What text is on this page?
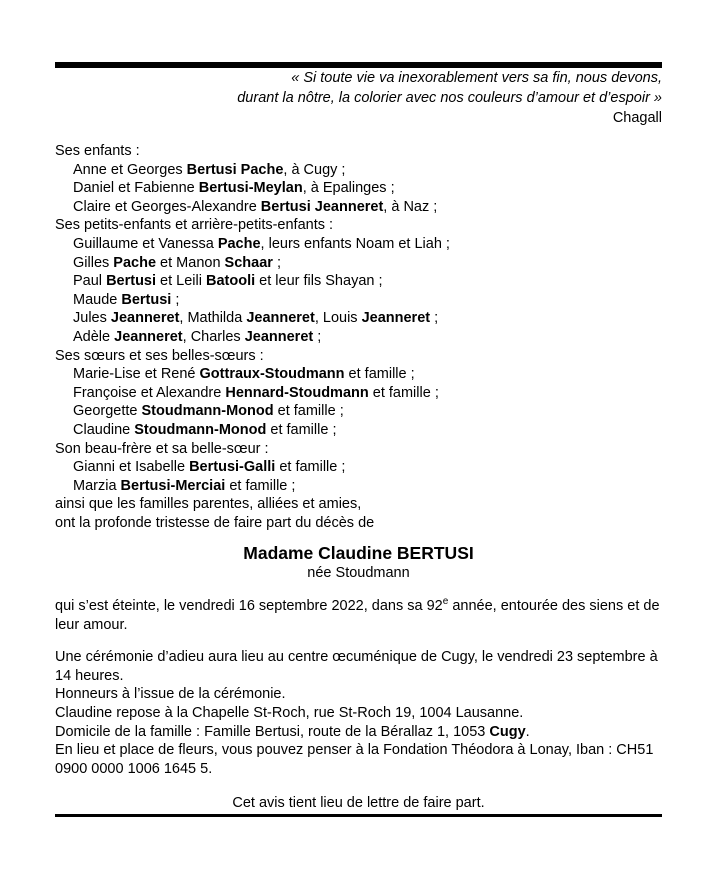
« Si toute vie va inexorablement vers sa fin, nous devons,
durant la nôtre, la colorier avec nos couleurs d’amour et d’espoir »
Chagall
Ses enfants :
Anne et Georges Bertusi Pache, à Cugy ;
Daniel et Fabienne Bertusi-Meylan, à Epalinges ;
Claire et Georges-Alexandre Bertusi Jeanneret, à Naz ;
Ses petits-enfants et arrière-petits-enfants :
Guillaume et Vanessa Pache, leurs enfants Noam et Liah ;
Gilles Pache et Manon Schaar ;
Paul Bertusi et Leili Batooli et leur fils Shayan ;
Maude Bertusi ;
Jules Jeanneret, Mathilda Jeanneret, Louis Jeanneret ;
Adèle Jeanneret, Charles Jeanneret ;
Ses sœurs et ses belles-sœurs :
Marie-Lise et René Gottraux-Stoudmann et famille ;
Françoise et Alexandre Hennard-Stoudmann et famille ;
Georgette Stoudmann-Monod et famille ;
Claudine Stoudmann-Monod et famille ;
Son beau-frère et sa belle-sœur :
Gianni et Isabelle Bertusi-Galli et famille ;
Marzia Bertusi-Merciai et famille ;
ainsi que les familles parentes, alliées et amies,
ont la profonde tristesse de faire part du décès de
Madame Claudine BERTUSI
née Stoudmann
qui s’est éteinte, le vendredi 16 septembre 2022, dans sa 92e année, entourée des siens et de leur amour.
Une cérémonie d’adieu aura lieu au centre œcuménique de Cugy, le vendredi 23 septembre à 14 heures.
Honneurs à l’issue de la cérémonie.
Claudine repose à la Chapelle St-Roch, rue St-Roch 19, 1004 Lausanne.
Domicile de la famille : Famille Bertusi, route de la Bérallaz 1, 1053 Cugy.
En lieu et place de fleurs, vous pouvez penser à la Fondation Théodora à Lonay, Iban : CH51 0900 0000 1006 1645 5.
Cet avis tient lieu de lettre de faire part.
